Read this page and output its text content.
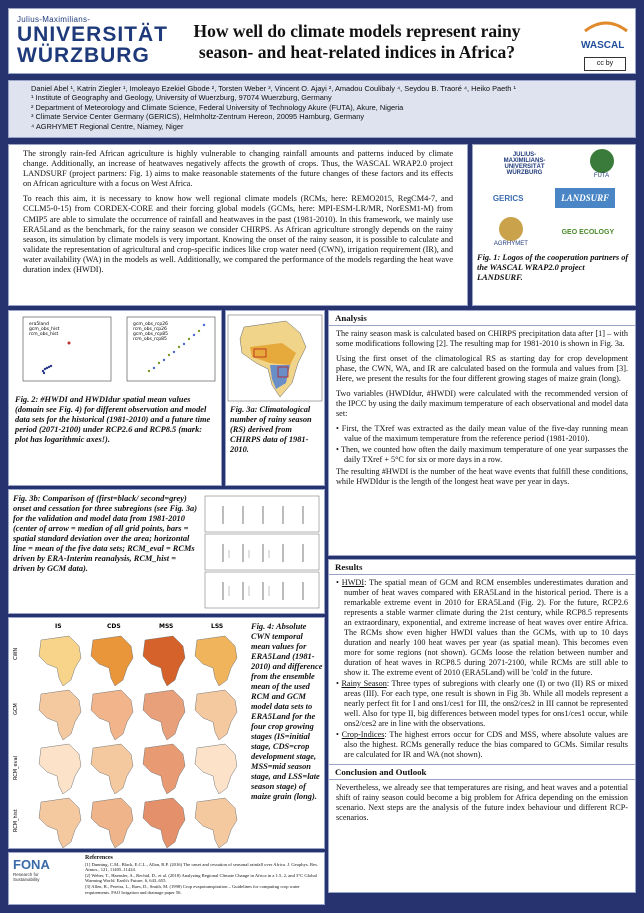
Julius-Maximilians-
UNIVERSITÄT
WÜRZBURG
How well do climate models represent rainy season- and heat-related indices in Africa?	WASCAL
cc by
Daniel Abel ¹, Katrin Ziegler ¹, Imoleayo Ezekiel Gbode ², Torsten Weber ³, Vincent O. Ajayi ², Amadou Coulibaly ⁴, Seydou B. Traoré ⁴, Heiko Paeth ¹
¹ Institute of Geography and Geology, University of Wuerzburg, 97074 Wuerzburg, Germany
² Department of Meteorology and Climate Science, Federal University of Technology Akure (FUTA), Akure, Nigeria
³ Climate Service Center Germany (GERICS), Helmholtz-Zentrum Hereon, 20095 Hamburg, Germany
⁴ AGRHYMET Regional Centre, Niamey, Niger

The strongly rain-fed African agriculture is highly vulnerable to changing rainfall amounts and patterns induced by climate change. Additionally, an increase of heatwaves negatively affects the growth of crops. Thus, the WASCAL WRAP2.0 project LANDSURF (project partners: Fig. 1) aims to make reasonable statements of the future changes of these factors and its effects on African agriculture with a focus on West Africa.

To reach this aim, it is necessary to know how well regional climate models (RCMs, here: REMO2015, RegCM4-7, and CCLM5-0-15) from CORDEX-CORE and their forcing global models (GCMs, here: MPI-ESM-LR/MR, NorESM1-M) from CMIP5 are able to simulate the occurrence of rainfall and heatwaves in the past (1981-2010). In this framework, we mainly use ERA5Land as the benchmark, for the rainy season we consider CHIRPS. As African agriculture strongly depends on the rainy season, its simulation by climate models is very important. Knowing the onset of the rainy season, it is possible to calculate and validate the representation of agricultural and crop-specific indices like crop water need (CWN), irrigation requirement (IR), and water availability (WA) in the models as well. Additionally, we compared the performance of the models regarding the heat wave duration index (HWDI).

JULIUS-MAXIMILIANS-UNIVERSITÄT WÜRZBURG	FUTA
GERICS	LANDSURF
AGRHYMET
GEO ECOLOGY
Fig. 1: Logos of the cooperation partners of the WASCAL WRAP2.0 project LANDSURF.
era5land
gcm_obs_hist
rcm_obs_hist
gcm_obs_rcp26
rcm_obs_rcp26
gcm_obs_rcp85
rcm_obs_rcp85
Fig. 2: #HWDI and HWDIdur spatial mean values (domain see Fig. 4) for different observation and model data sets for the historical (1981-2010) and a future time period (2071-2100) under RCP2.6 and RCP8.5 (mark: plot has logarithmic axes!).
Fig. 3a: Climatological number of rainy season (RS) derived from CHIRPS data of 1981-2010.
Fig. 3b: Comparison of (first=black/ second=grey) onset and cessation for three subregions (see Fig. 3a) for the validation and model data from 1981-2010 (center of arrow = median of all grid points, bars = spatial standard deviation over the area; horizontal line = mean of the five data sets; RCM_eval = RCMs driven by ERA-Interim reanalysis, RCM_hist = driven by GCM data).
IS	CDS	MSS	LSS
CWN
GCM
RCM_eval
RCM_hist
Fig. 4: Absolute CWN temporal mean values for ERA5Land (1981-2010) and difference from the ensemble mean of the used RCM and GCM model data sets to ERA5Land for the four crop growing stages (IS=initial stage, CDS=crop development stage, MSS=mid season stage, and LSS=late season stage) of maize grain (long).
Analysis

The rainy season mask is calculated based on CHIRPS precipitation data after [1] – with some modifications following [2]. The resulting map for 1981-2010 is shown in Fig. 3a.

Using the first onset of the climatological RS as starting day for crop development phase, the CWN, WA, and IR are calculated based on the formula and values from [3]. Here, we present the results for the four different growing stages of maize grain (long).

Two variables (HWDIdur, #HWDI) were calculated with the recommended version of the IPCC by using the daily maximum temperature of each observational and model data set:

• First, the TXref was extracted as the daily mean value of the five-day running mean value of the maximum temperature from the reference period (1981-2010).
• Then, we counted how often the daily maximum temperature of one year surpasses the daily TXref + 5°C for six or more days in a row.

The resulting #HWDI is the number of the heat wave events that fulfill these conditions, while HWDIdur is the length of the longest heat wave per year in days.

Results
• HWDI: The spatial mean of GCM and RCM ensembles underestimates duration and number of heat waves compared with ERA5Land in the historical period. There is a remarkable extreme event in 2010 for ERA5Land (Fig. 2). For the future, RCP2.6 represents a stable warmer climate during the 21st century, while RCP8.5 represents an extraordinary, exponential, and extreme increase of heat waves over entire Africa. The RCMs show even higher HWDI values than the GCMs, with up to 10 days duration and nearly 100 heat waves per year (as spatial mean). This becomes even more for some regions (not shown). GCMs loose the relation between number and duration of heat waves in RCP8.5 during 2071-2100, while RCMs are still able to show it. The extreme event of 2010 (ERA5Land) will be 'cold' in the future.
• Rainy Season: Three types of subregions with clearly one (I) or two (II) RS or mixed areas (III). For each type, one result is shown in Fig 3b. While all models represent a nearly perfect fit for I and ons1/ces1 for III, the ons2/ces2 in III cannot be represented well. Also for type II, big differences between model types for ons1/ces1 occur, while ons2/ces2 are in line with the observations.
• Crop-Indices: The highest errors occur for CDS and MSS, where absolute values are also the highest. RCMs generally reduce the bias compared to GCMs. Similar results are calculated for IR and WA (not shown).
Conclusion and Outlook

Nevertheless, we already see that temperatures are rising, and heat waves and a potential shift of rainy season could become a big problem for Africa depending on the emission scenario. Next steps are the analysis of the future index behaviour und different RCP-scenarios.

FONA
Research for Sustainability
References
[1] Dunning, C.M., Black, E.C.L., Allan, R.P. (2016) The onset and cessation of seasonal rainfall over Africa. J. Geophys. Res. Atmos., 121, 11405–11424.
[2] Weber, T., Haensler, A., Rechid, D., et al. (2018) Analyzing Regional Climate Change in Africa in a 1.5, 2, and 3°C Global Warming World. Earth's Future, 6, 643–655.
[3] Allen, R., Pereira, L., Raes, D., Smith, M. (1998) Crop evapotranspiration – Guidelines for computing crop water requirements. FAO Irrigation and drainage paper 56.
